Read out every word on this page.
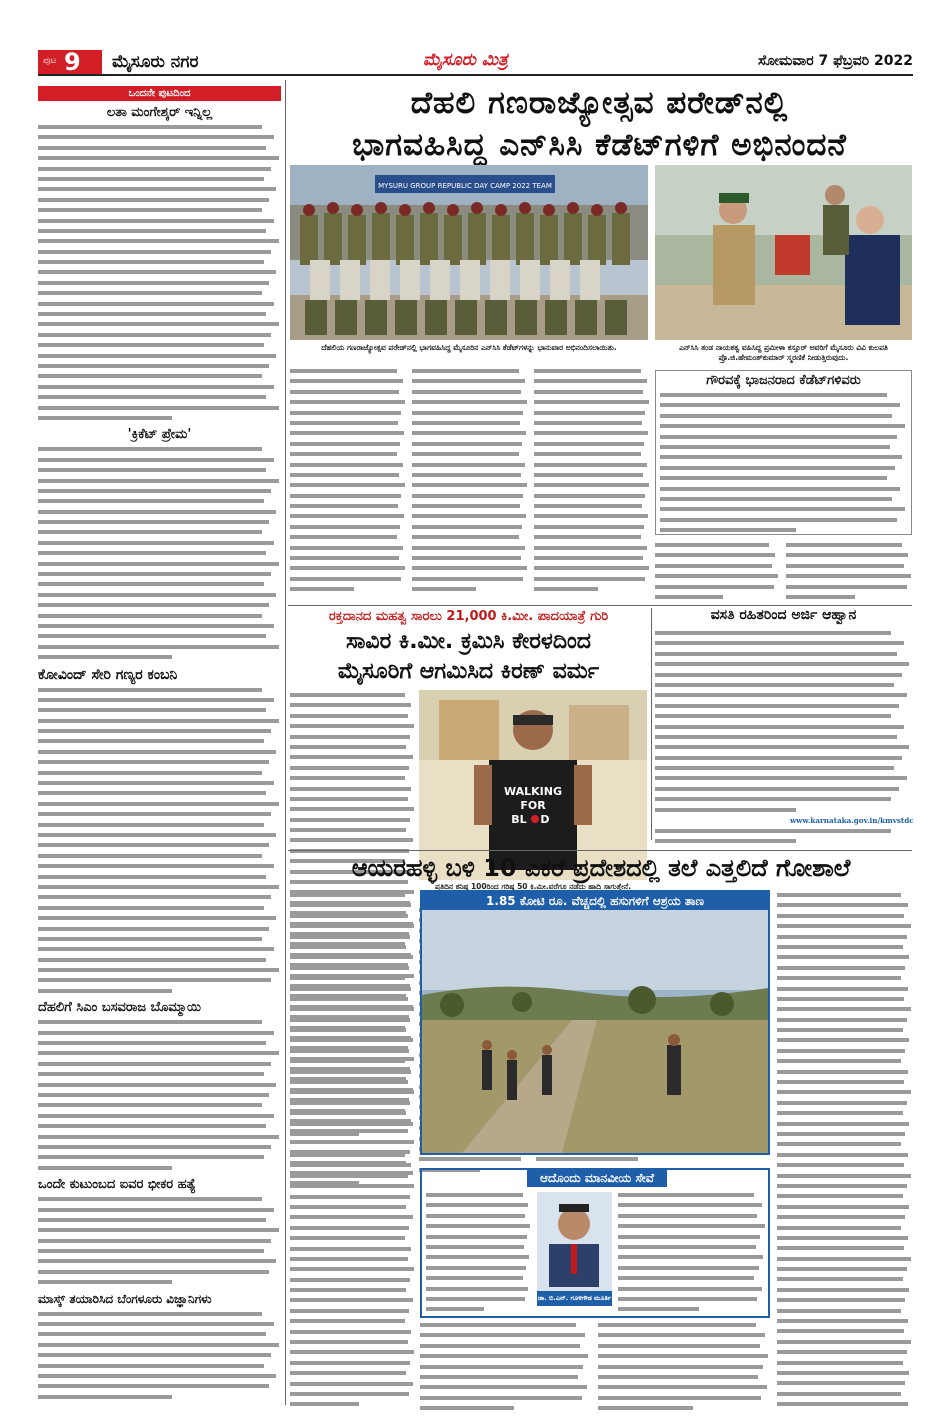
ಪುಟ 9 ಮೈಸೂರು ನಗರ	ಮೈಸೂರು ಮಿತ್ರ	ಸೋಮವಾರ 7 ಫೆಬ್ರವರಿ 2022
ಒಂದನೇ ಪುಟದಿಂದ
ಲತಾ ಮಂಗೇಶ್ಕರ್ ಇನ್ನಿಲ್ಲ
'ಕ್ರಿಕೆಟ್ ಪ್ರೇಮ'
ಕೋವಿಂದ್ ಸೇರಿ ಗಣ್ಯರ ಕಂಬನಿ
ದೆಹಲಿಗೆ ಸಿಎಂ ಬಸವರಾಜ ಬೊಮ್ಮಾಯಿ
ಒಂದೇ ಕುಟುಂಬದ ಐವರ ಭೀಕರ ಹತ್ಯೆ
ಮಾಸ್ಕ್ ತಯಾರಿಸಿದ ಬೆಂಗಳೂರು ವಿಜ್ಞಾನಿಗಳು
ದೆಹಲಿ ಗಣರಾಜ್ಯೋತ್ಸವ ಪರೇಡ್‌ನಲ್ಲಿ
ಭಾಗವಹಿಸಿದ್ದ ಎನ್‌ಸಿಸಿ ಕೆಡೆಟ್‌ಗಳಿಗೆ ಅಭಿನಂದನೆ
MYSURU GROUP REPUBLIC DAY CAMP 2022 TEAM
ದೆಹಲಿಯ ಗಣರಾಜ್ಯೋತ್ಸವ ಪರೇಡ್‌ನಲ್ಲಿ ಭಾಗವಹಿಸಿದ್ದ ಮೈಸೂರಿನ ಎನ್‌ಸಿಸಿ ಕೆಡೆಟ್‌ಗಳನ್ನು ಭಾನುವಾರ ಅಭಿನಂದಿಸಲಾಯಿತು.	ಎನ್‌ಸಿಸಿ ತಂಡ ನಾಯಕತ್ವ ವಹಿಸಿದ್ದ ಪ್ರಮೀಳಾ ಕಸ್ತೂರ್ ಅವರಿಗೆ ಮೈಸೂರು ವಿವಿ ಕುಲಪತಿ ಪ್ರೊ.ಜಿ.ಹೇಮಂತ್‌ಕುಮಾರ್ ಸ್ಮರಣಿಕೆ ನೀಡುತ್ತಿರುವುದು.
ಗೌರವಕ್ಕೆ ಭಾಜನರಾದ ಕೆಡೆಟ್‌ಗಳಿವರು
ರಕ್ತದಾನದ ಮಹತ್ವ ಸಾರಲು 21,000 ಕಿ.ಮೀ. ಪಾದಯಾತ್ರೆ ಗುರಿ
ಸಾವಿರ ಕಿ.ಮೀ. ಕ್ರಮಿಸಿ ಕೇರಳದಿಂದ
ಮೈಸೂರಿಗೆ ಆಗಮಿಸಿದ ಕಿರಣ್ ವರ್ಮ
WALKING
FOR
BL D
ಪ್ರತಿದಿನ ಕನಿಷ್ಠ 100ರಿಂದ ಗರಿಷ್ಠ 50 ಕಿ.ಮೀ.ವರೆಗೂ ನಡೆದು ಹಾದಿ ಸಾಗುತ್ತೇನೆ.
ವಸತಿ ರಹಿತರಿಂದ ಅರ್ಜಿ ಆಹ್ವಾನ
www.karnataka.gov.in/kmvstdc
ಆಯರಹಳ್ಳಿ ಬಳಿ 10 ಎಕರೆ ಪ್ರದೇಶದಲ್ಲಿ ತಲೆ ಎತ್ತಲಿದೆ ಗೋಶಾಲೆ
1.85 ಕೋಟಿ ರೂ. ವೆಚ್ಚದಲ್ಲಿ ಹಸುಗಳಿಗೆ ಆಶ್ರಯ ತಾಣ
ಆದೊಂದು ಮಾನವೀಯ ಸೇವೆ
ಡಾ. ಬಿ.ಎನ್. ಗೂಳಿಗೌಡ ಮೂರ್ತಿ
